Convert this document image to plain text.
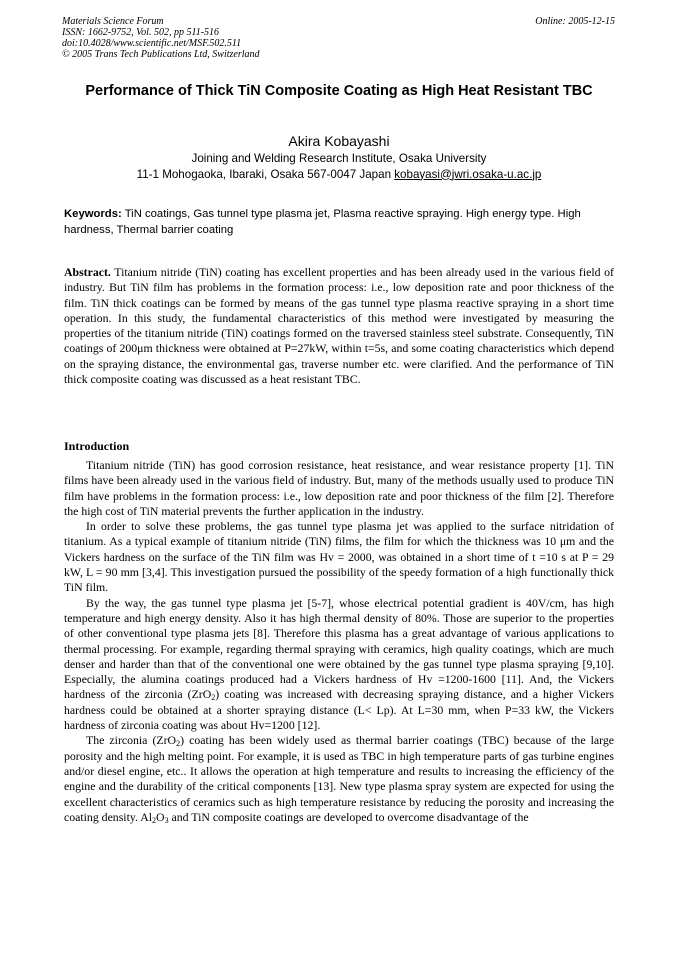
Materials Science Forum
ISSN: 1662-9752, Vol. 502, pp 511-516
doi:10.4028/www.scientific.net/MSF.502.511
© 2005 Trans Tech Publications Ltd, Switzerland
Online: 2005-12-15
Performance of Thick TiN Composite Coating as High Heat Resistant TBC
Akira Kobayashi
Joining and Welding Research Institute, Osaka University
11-1 Mohogaoka, Ibaraki, Osaka 567-0047 Japan kobayasi@jwri.osaka-u.ac.jp
Keywords: TiN coatings, Gas tunnel type plasma jet, Plasma reactive spraying. High energy type. High hardness, Thermal barrier coating
Abstract. Titanium nitride (TiN) coating has excellent properties and has been already used in the various field of industry. But TiN film has problems in the formation process: i.e., low deposition rate and poor thickness of the film. TiN thick coatings can be formed by means of the gas tunnel type plasma reactive spraying in a short time operation. In this study, the fundamental characteristics of this method were investigated by measuring the properties of the titanium nitride (TiN) coatings formed on the traversed stainless steel substrate. Consequently, TiN coatings of 200μm thickness were obtained at P=27kW, within t=5s, and some coating characteristics which depend on the spraying distance, the environmental gas, traverse number etc. were clarified. And the performance of TiN thick composite coating was discussed as a heat resistant TBC.
Introduction

Titanium nitride (TiN) has good corrosion resistance, heat resistance, and wear resistance property [1]. TiN films have been already used in the various field of industry. But, many of the methods usually used to produce TiN film have problems in the formation process: i.e., low deposition rate and poor thickness of the film [2]. Therefore the high cost of TiN material prevents the further application in the industry.

In order to solve these problems, the gas tunnel type plasma jet was applied to the surface nitridation of titanium. As a typical example of titanium nitride (TiN) films, the film for which the thickness was 10 μm and the Vickers hardness on the surface of the TiN film was Hv = 2000, was obtained in a short time of t =10 s at P = 29 kW, L = 90 mm [3,4]. This investigation pursued the possibility of the speedy formation of a high functionally thick TiN film.

By the way, the gas tunnel type plasma jet [5-7], whose electrical potential gradient is 40V/cm, has high temperature and high energy density. Also it has high thermal density of 80%. Those are superior to the properties of other conventional type plasma jets [8]. Therefore this plasma has a great advantage of various applications to thermal processing. For example, regarding thermal spraying with ceramics, high quality coatings, which are much denser and harder than that of the conventional one were obtained by the gas tunnel type plasma spraying [9,10]. Especially, the alumina coatings produced had a Vickers hardness of Hv =1200-1600 [11]. And, the Vickers hardness of the zirconia (ZrO$_2$) coating was increased with decreasing spraying distance, and a higher Vickers hardness could be obtained at a shorter spraying distance (L< Lp). At L=30 mm, when P=33 kW, the Vickers hardness of zirconia coating was about Hv=1200 [12].

The zirconia (ZrO$_2$) coating has been widely used as thermal barrier coatings (TBC) because of the large porosity and the high melting point. For example, it is used as TBC in high temperature parts of gas turbine engines and/or diesel engine, etc.. It allows the operation at high temperature and results to increasing the efficiency of the engine and the durability of the critical components [13]. New type plasma spray system are expected for using the excellent characteristics of ceramics such as high temperature resistance by reducing the porosity and increasing the coating density. $Al_2O_3$ and TiN composite coatings are developed to overcome disadvantage of the
